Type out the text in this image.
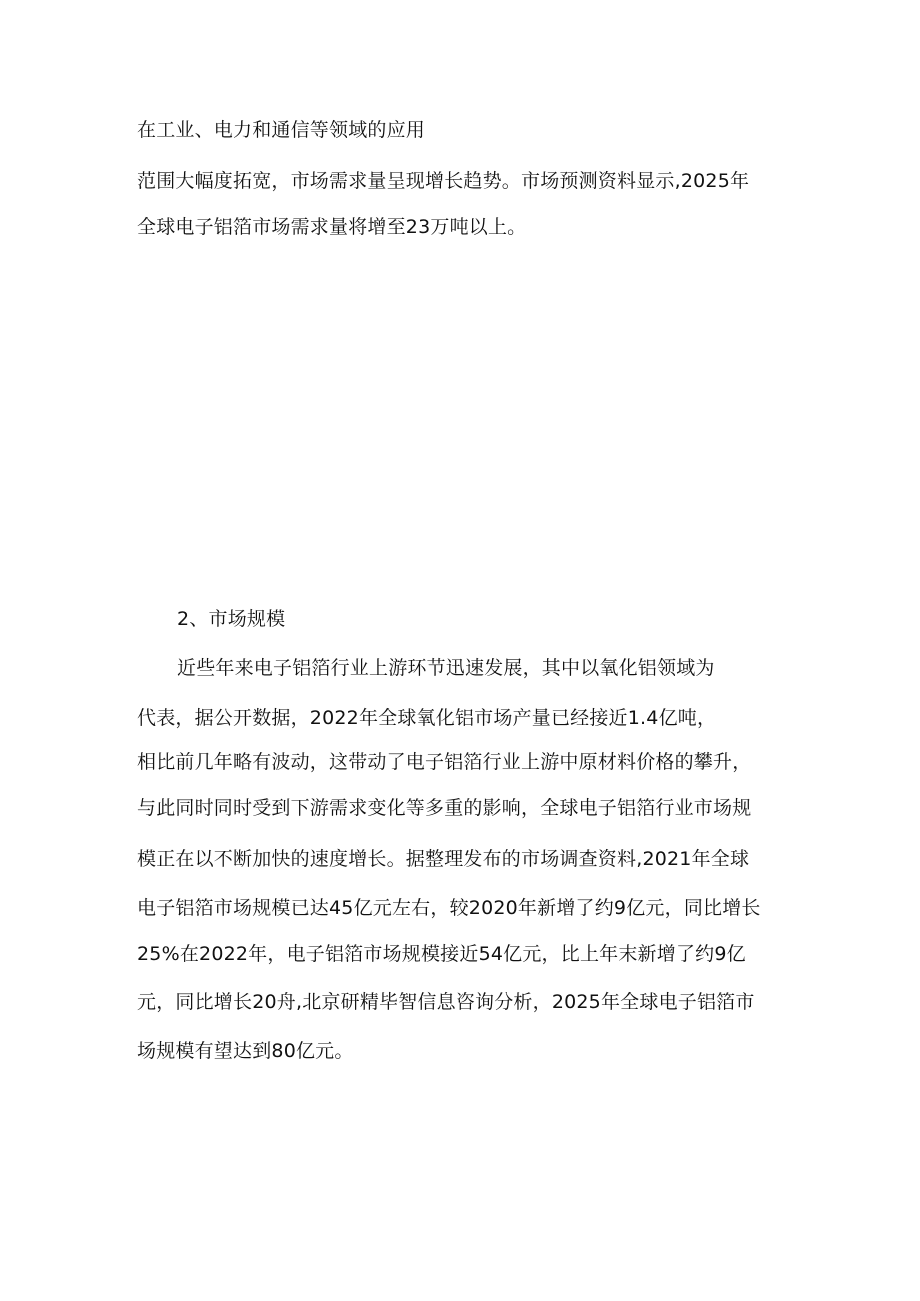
在工业、电力和通信等领域的应用
范围大幅度拓宽，市场需求量呈现增长趋势。市场预测资料显示,2025年
全球电子铝箔市场需求量将增至23万吨以上。
2、市场规模
近些年来电子铝箔行业上游环节迅速发展，其中以氧化铝领域为
代表，据公开数据，2022年全球氧化铝市场产量已经接近1.4亿吨，
相比前几年略有波动，这带动了电子铝箔行业上游中原材料价格的攀升，
与此同时同时受到下游需求变化等多重的影响，全球电子铝箔行业市场规
模正在以不断加快的速度增长。据整理发布的市场调查资料,2021年全球
电子铝箔市场规模已达45亿元左右，较2020年新增了约9亿元，同比增长
25%在2022年，电子铝箔市场规模接近54亿元，比上年末新增了约9亿
元，同比增长20舟,北京研精毕智信息咨询分析，2025年全球电子铝箔市
场规模有望达到80亿元。
